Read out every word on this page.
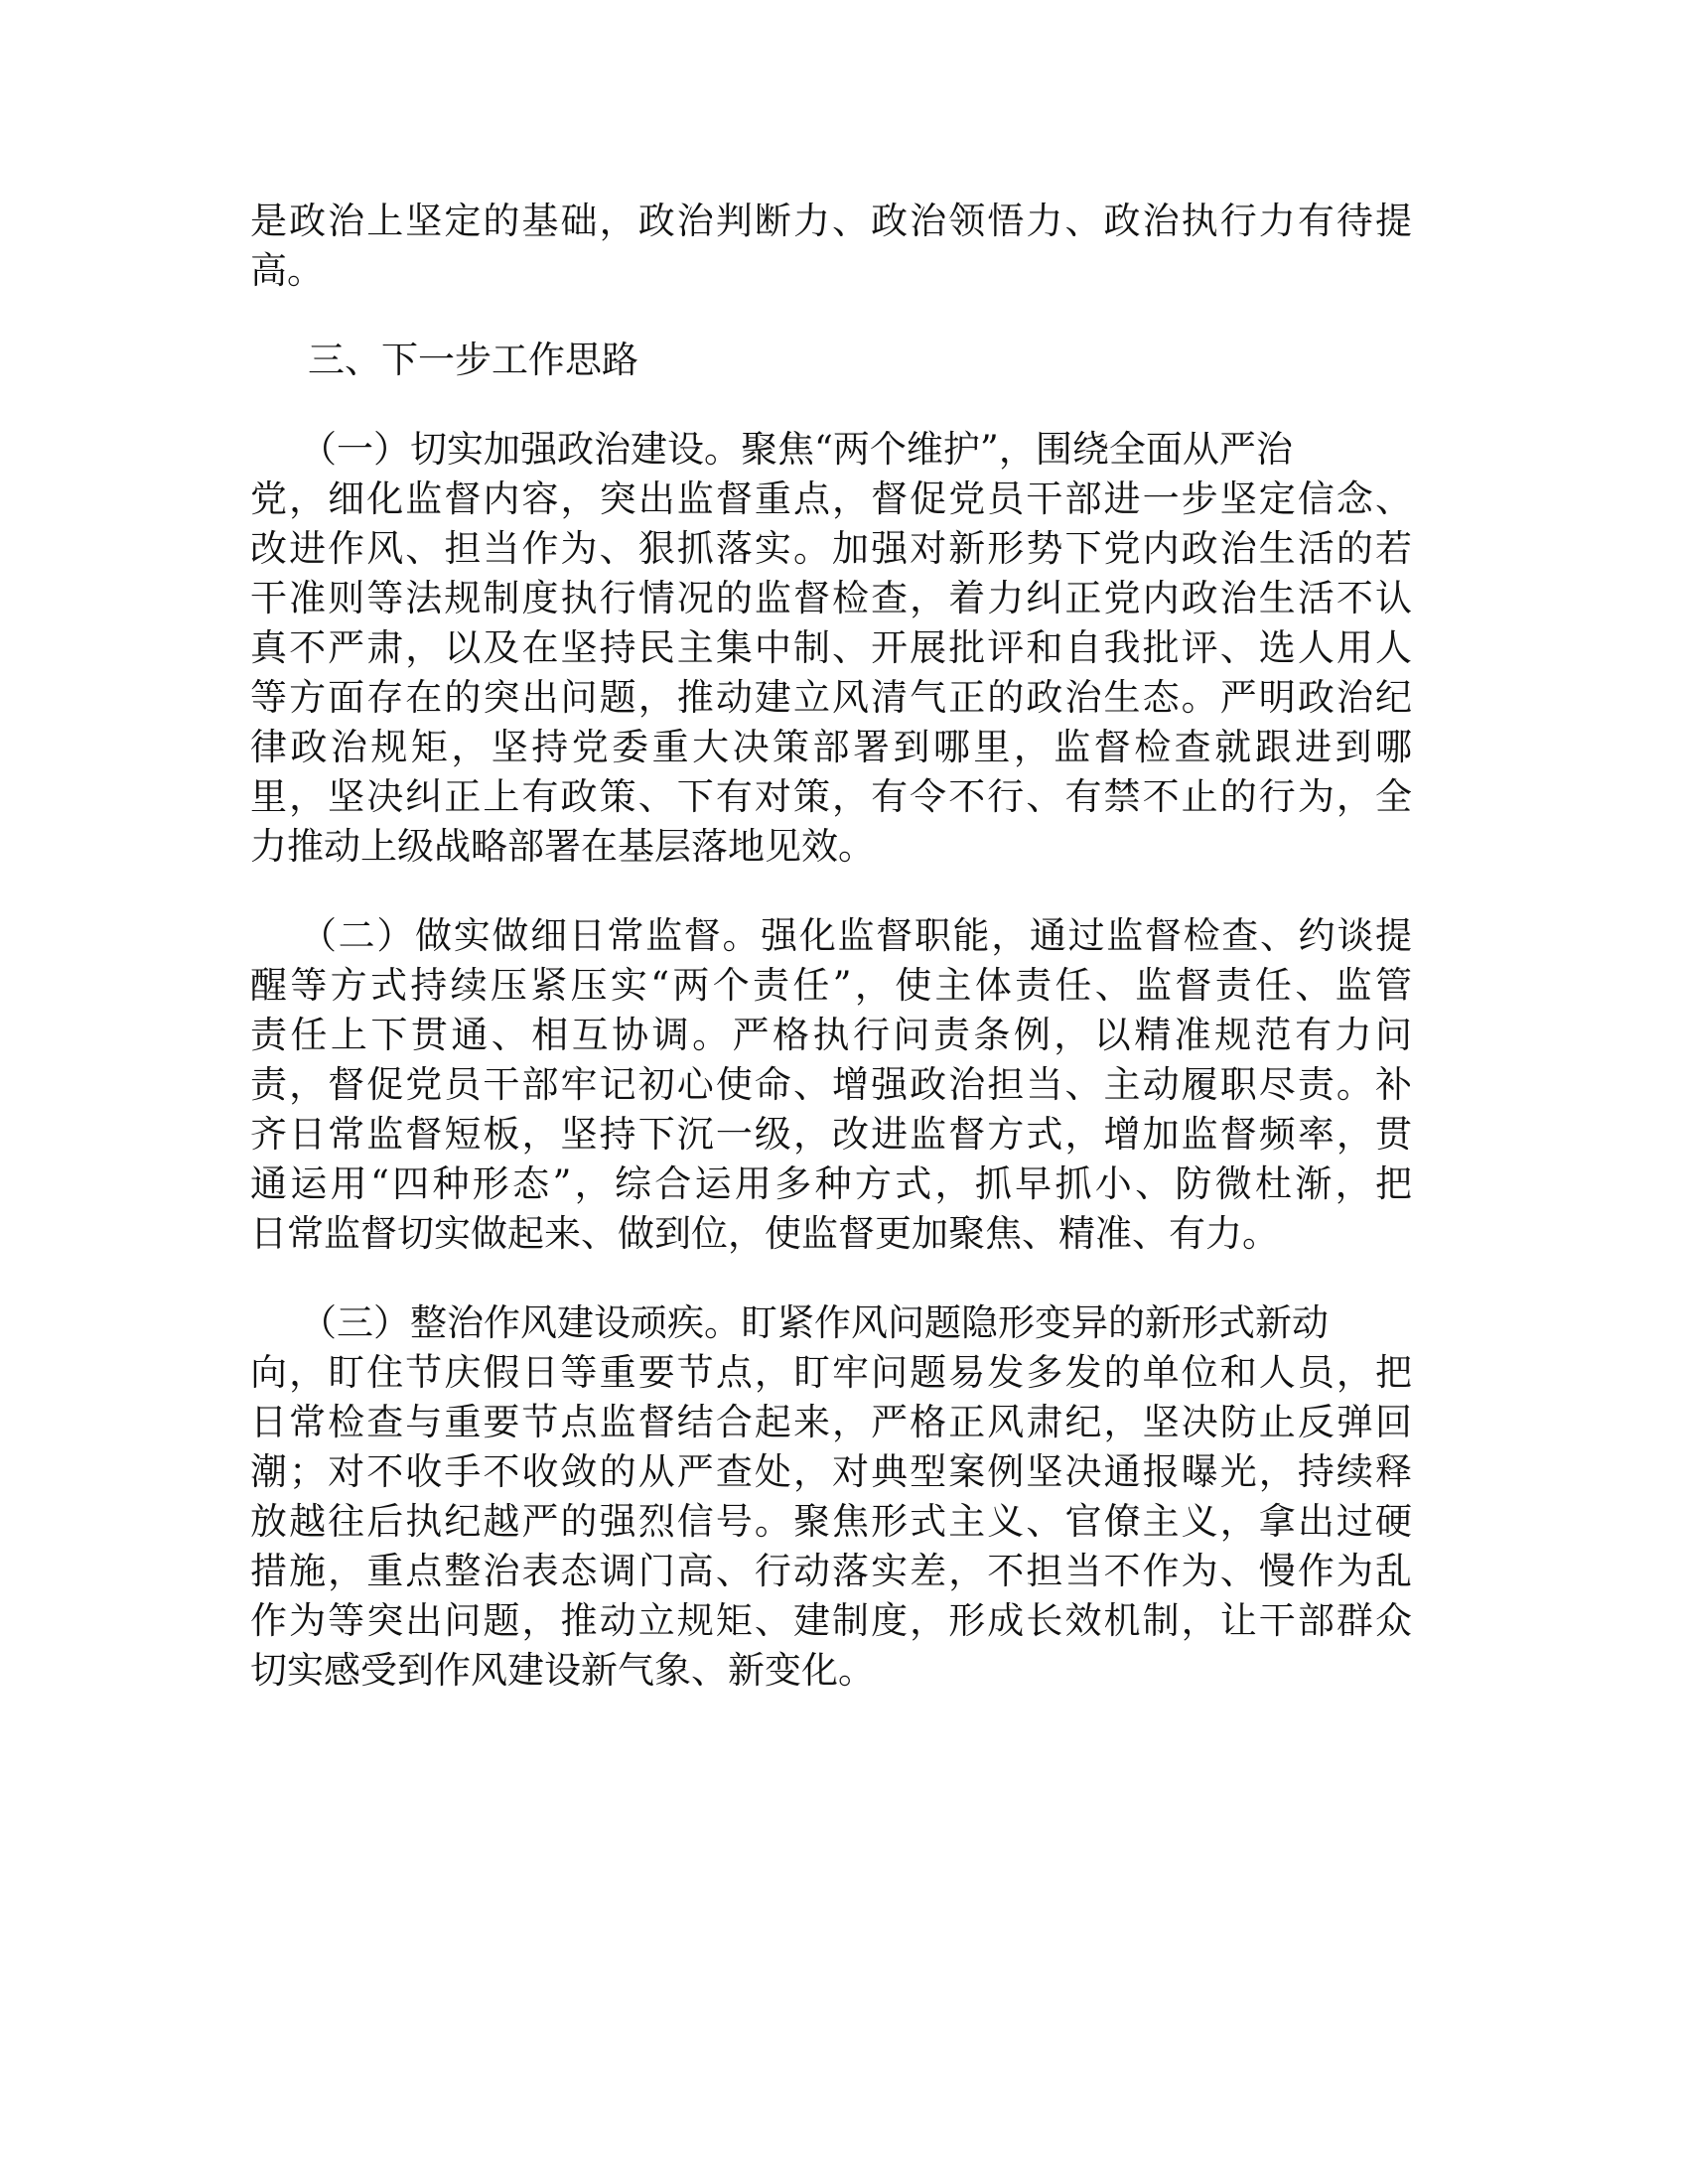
是政治上坚定的基础，政治判断力、政治领悟力、政治执行力有待提
高。
三、下一步工作思路
（一）切实加强政治建设。聚焦“两个维护”，围绕全面从严治
党，细化监督内容，突出监督重点，督促党员干部进一步坚定信念、
改进作风、担当作为、狠抓落实。加强对新形势下党内政治生活的若
干准则等法规制度执行情况的监督检查，着力纠正党内政治生活不认
真不严肃，以及在坚持民主集中制、开展批评和自我批评、选人用人
等方面存在的突出问题，推动建立风清气正的政治生态。严明政治纪
律政治规矩，坚持党委重大决策部署到哪里，监督检查就跟进到哪
里，坚决纠正上有政策、下有对策，有令不行、有禁不止的行为，全
力推动上级战略部署在基层落地见效。
（二）做实做细日常监督。强化监督职能，通过监督检查、约谈提
醒等方式持续压紧压实“两个责任”，使主体责任、监督责任、监管
责任上下贯通、相互协调。严格执行问责条例，以精准规范有力问
责，督促党员干部牢记初心使命、增强政治担当、主动履职尽责。补
齐日常监督短板，坚持下沉一级，改进监督方式，增加监督频率，贯
通运用“四种形态”，综合运用多种方式，抓早抓小、防微杜渐，把
日常监督切实做起来、做到位，使监督更加聚焦、精准、有力。
（三）整治作风建设顽疾。盯紧作风问题隐形变异的新形式新动
向，盯住节庆假日等重要节点，盯牢问题易发多发的单位和人员，把
日常检查与重要节点监督结合起来，严格正风肃纪，坚决防止反弹回
潮；对不收手不收敛的从严查处，对典型案例坚决通报曝光，持续释
放越往后执纪越严的强烈信号。聚焦形式主义、官僚主义，拿出过硬
措施，重点整治表态调门高、行动落实差，不担当不作为、慢作为乱
作为等突出问题，推动立规矩、建制度，形成长效机制，让干部群众
切实感受到作风建设新气象、新变化。
